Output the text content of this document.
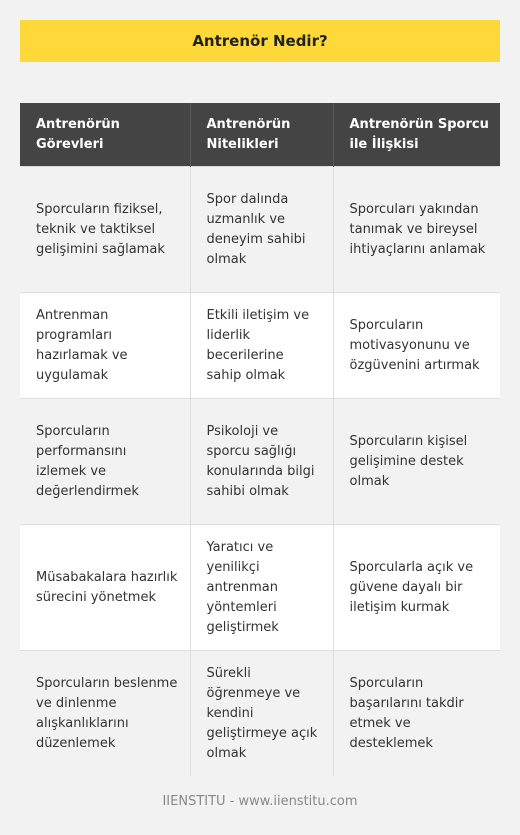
Antrenör Nedir?
Antrenörün Görevleri	Antrenörün Nitelikleri	Antrenörün Sporcu ile İlişkisi
Sporcuların fiziksel, teknik ve taktiksel gelişimini sağlamak	Spor dalında uzmanlık ve deneyim sahibi olmak	Sporcuları yakından tanımak ve bireysel ihtiyaçlarını anlamak
Antrenman programları hazırlamak ve uygulamak	Etkili iletişim ve liderlik becerilerine sahip olmak	Sporcuların motivasyonunu ve özgüvenini artırmak
Sporcuların performansını izlemek ve değerlendirmek	Psikoloji ve sporcu sağlığı konularında bilgi sahibi olmak	Sporcuların kişisel gelişimine destek olmak
Müsabakalara hazırlık sürecini yönetmek	Yaratıcı ve yenilikçi antrenman yöntemleri geliştirmek	Sporcularla açık ve güvene dayalı bir iletişim kurmak
Sporcuların beslenme ve dinlenme alışkanlıklarını düzenlemek	Sürekli öğrenmeye ve kendini geliştirmeye açık olmak	Sporcuların başarılarını takdir etmek ve desteklemek
IIENSTITU - www.iienstitu.com
